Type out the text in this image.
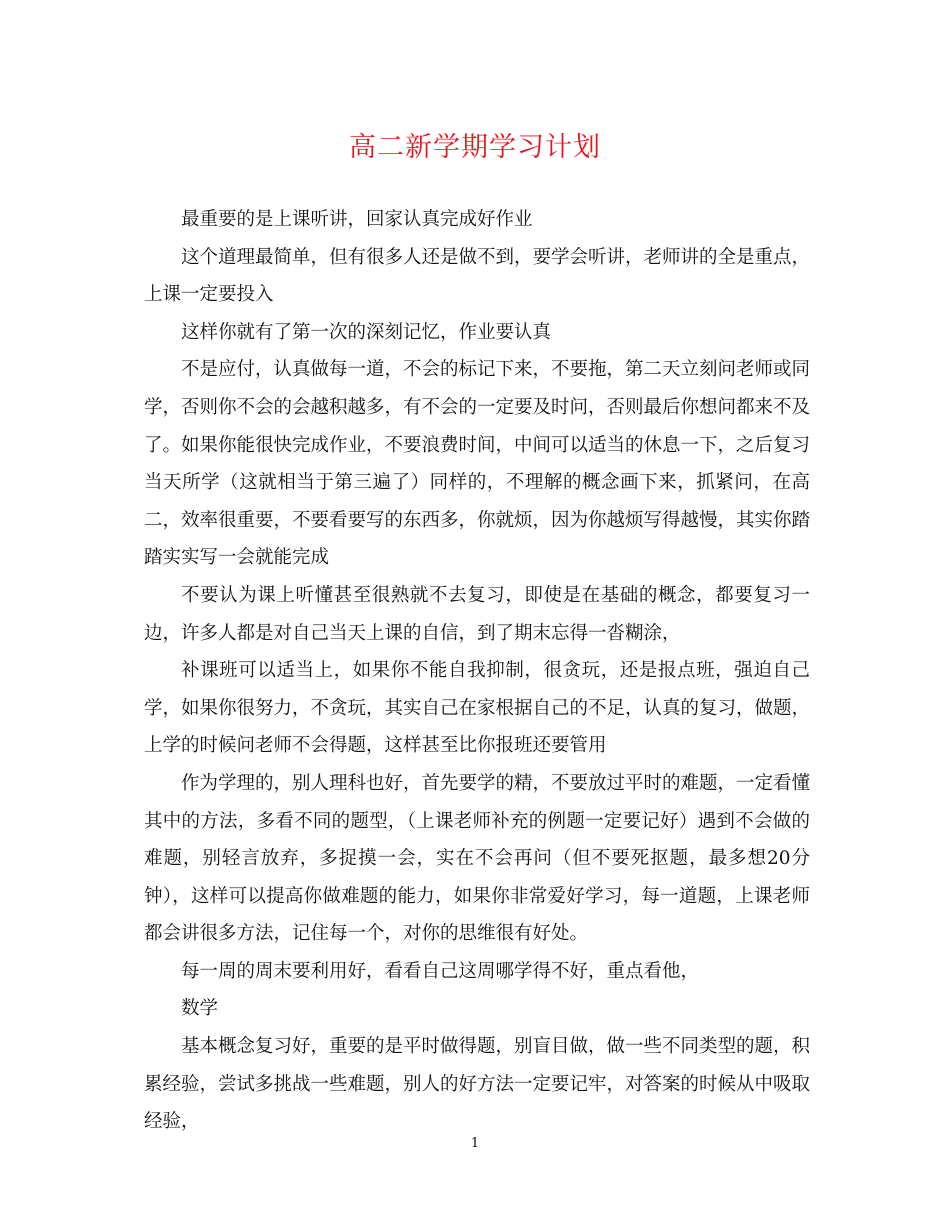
高二新学期学习计划

最重要的是上课听讲，回家认真完成好作业

这个道理最简单，但有很多人还是做不到，要学会听讲，老师讲的全是重点，上课一定要投入

这样你就有了第一次的深刻记忆，作业要认真

不是应付，认真做每一道，不会的标记下来，不要拖，第二天立刻问老师或同学，否则你不会的会越积越多，有不会的一定要及时问，否则最后你想问都来不及了。如果你能很快完成作业，不要浪费时间，中间可以适当的休息一下，之后复习当天所学（这就相当于第三遍了）同样的，不理解的概念画下来，抓紧问，在高二，效率很重要，不要看要写的东西多，你就烦，因为你越烦写得越慢，其实你踏踏实实写一会就能完成

不要认为课上听懂甚至很熟就不去复习，即使是在基础的概念，都要复习一边，许多人都是对自己当天上课的自信，到了期末忘得一沓糊涂，

补课班可以适当上，如果你不能自我抑制，很贪玩，还是报点班，强迫自己学，如果你很努力，不贪玩，其实自己在家根据自己的不足，认真的复习，做题，上学的时候问老师不会得题，这样甚至比你报班还要管用

作为学理的，别人理科也好，首先要学的精，不要放过平时的难题，一定看懂其中的方法，多看不同的题型，（上课老师补充的例题一定要记好）遇到不会做的难题，别轻言放弃，多捉摸一会，实在不会再问（但不要死抠题，最多想20分钟），这样可以提高你做难题的能力，如果你非常爱好学习，每一道题，上课老师都会讲很多方法，记住每一个，对你的思维很有好处。

每一周的周末要利用好，看看自己这周哪学得不好，重点看他，

数学

基本概念复习好，重要的是平时做得题，别盲目做，做一些不同类型的题，积累经验，尝试多挑战一些难题，别人的好方法一定要记牢，对答案的时候从中吸取经验，

1
